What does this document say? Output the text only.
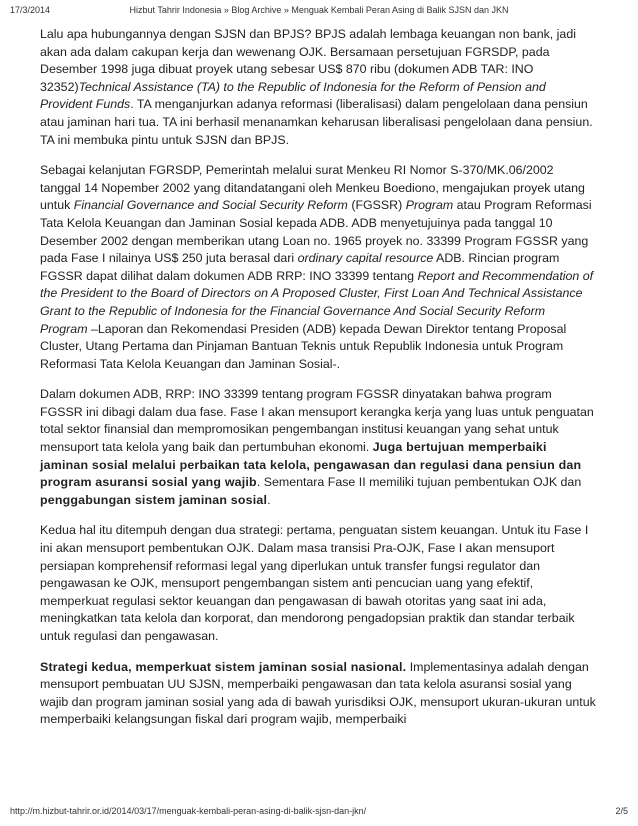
17/3/2014	Hizbut Tahrir Indonesia » Blog Archive » Menguak Kembali Peran Asing di Balik SJSN dan JKN

Lalu apa hubungannya dengan SJSN dan BPJS? BPJS adalah lembaga keuangan non bank, jadi akan ada dalam cakupan kerja dan wewenang OJK. Bersamaan persetujuan FGRSDP, pada Desember 1998 juga dibuat proyek utang sebesar US$ 870 ribu (dokumen ADB TAR: INO 32352)Technical Assistance (TA) to the Republic of Indonesia for the Reform of Pension and Provident Funds. TA menganjurkan adanya reformasi (liberalisasi) dalam pengelolaan dana pensiun atau jaminan hari tua. TA ini berhasil menanamkan keharusan liberalisasi pengelolaan dana pensiun. TA ini membuka pintu untuk SJSN dan BPJS.

Sebagai kelanjutan FGRSDP, Pemerintah melalui surat Menkeu RI Nomor S-370/MK.06/2002 tanggal 14 Nopember 2002 yang ditandatangani oleh Menkeu Boediono, mengajukan proyek utang untuk Financial Governance and Social Security Reform (FGSSR) Program atau Program Reformasi Tata Kelola Keuangan dan Jaminan Sosial kepada ADB. ADB menyetujuinya pada tanggal 10 Desember 2002 dengan memberikan utang Loan no. 1965 proyek no. 33399 Program FGSSR yang pada Fase I nilainya US$ 250 juta berasal dari ordinary capital resource ADB. Rincian program FGSSR dapat dilihat dalam dokumen ADB RRP: INO 33399 tentang Report and Recommendation of the President to the Board of Directors on A Proposed Cluster, First Loan And Technical Assistance Grant to the Republic of Indonesia for the Financial Governance And Social Security Reform Program –Laporan dan Rekomendasi Presiden (ADB) kepada Dewan Direktor tentang Proposal Cluster, Utang Pertama dan Pinjaman Bantuan Teknis untuk Republik Indonesia untuk Program Reformasi Tata Kelola Keuangan dan Jaminan Sosial-.

Dalam dokumen ADB, RRP: INO 33399 tentang program FGSSR dinyatakan bahwa program FGSSR ini dibagi dalam dua fase. Fase I akan mensuport kerangka kerja yang luas untuk penguatan total sektor finansial dan mempromosikan pengembangan institusi keuangan yang sehat untuk mensuport tata kelola yang baik dan pertumbuhan ekonomi. Juga bertujuan memperbaiki jaminan sosial melalui perbaikan tata kelola, pengawasan dan regulasi dana pensiun dan program asuransi sosial yang wajib. Sementara Fase II memiliki tujuan pembentukan OJK dan penggabungan sistem jaminan sosial.

Kedua hal itu ditempuh dengan dua strategi: pertama, penguatan sistem keuangan. Untuk itu Fase I ini akan mensuport pembentukan OJK. Dalam masa transisi Pra-OJK, Fase I akan mensuport persiapan komprehensif reformasi legal yang diperlukan untuk transfer fungsi regulator dan pengawasan ke OJK, mensuport pengembangan sistem anti pencucian uang yang efektif, memperkuat regulasi sektor keuangan dan pengawasan di bawah otoritas yang saat ini ada, meningkatkan tata kelola dan korporat, dan mendorong pengadopsian praktik dan standar terbaik untuk regulasi dan pengawasan.

Strategi kedua, memperkuat sistem jaminan sosial nasional. Implementasinya adalah dengan mensuport pembuatan UU SJSN, memperbaiki pengawasan dan tata kelola asuransi sosial yang wajib dan program jaminan sosial yang ada di bawah yurisdiksi OJK, mensuport ukuran-ukuran untuk memperbaiki kelangsungan fiskal dari program wajib, memperbaiki

http://m.hizbut-tahrir.or.id/2014/03/17/menguak-kembali-peran-asing-di-balik-sjsn-dan-jkn/	2/5
